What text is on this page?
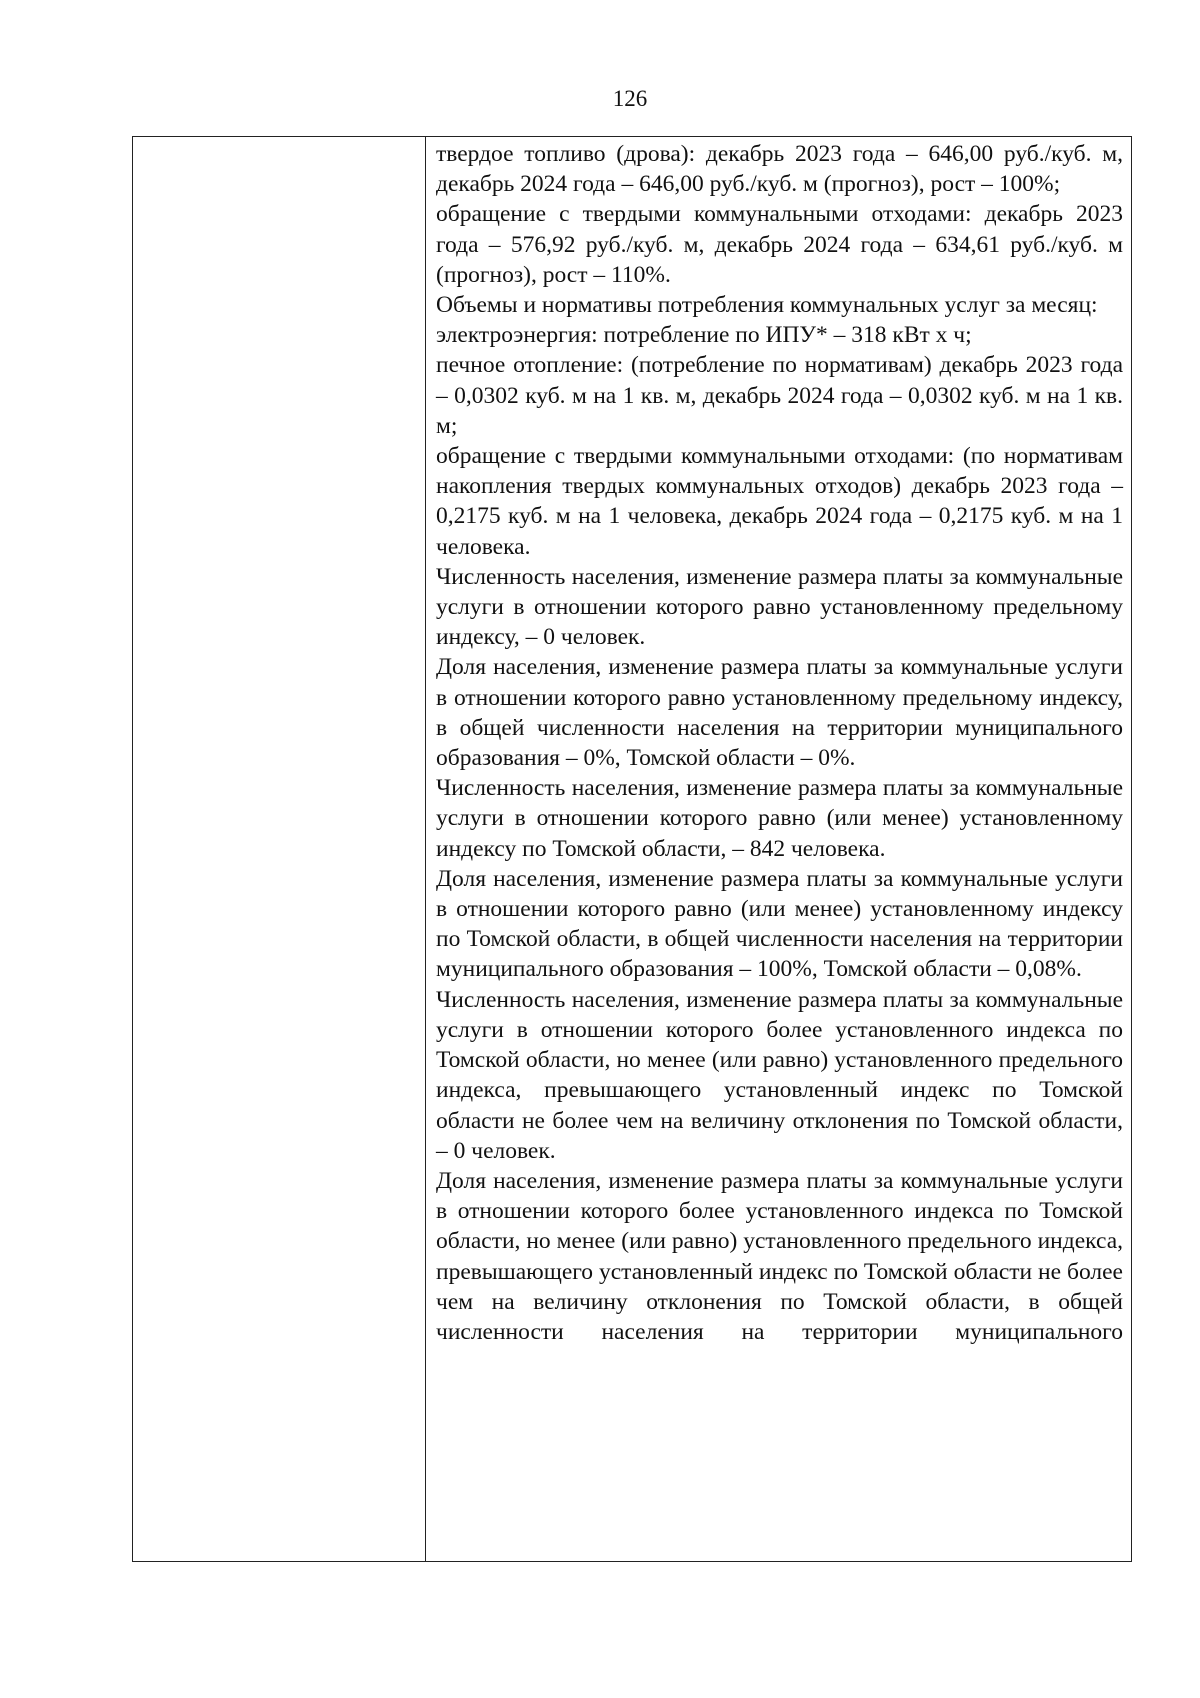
126

твердое топливо (дрова): декабрь 2023 года – 646,00 руб./куб. м, декабрь 2024 года – 646,00 руб./куб. м (прогноз), рост – 100%;

обращение с твердыми коммунальными отходами: декабрь 2023 года – 576,92 руб./куб. м, декабрь 2024 года – 634,61 руб./куб. м (прогноз), рост – 110%.

Объемы и нормативы потребления коммунальных услуг за месяц:

электроэнергия: потребление по ИПУ* – 318 кВт х ч;

печное отопление: (потребление по нормативам) декабрь 2023 года – 0,0302 куб. м на 1 кв. м, декабрь 2024 года – 0,0302 куб. м на 1 кв. м;

обращение с твердыми коммунальными отходами: (по нормативам накопления твердых коммунальных отходов) декабрь 2023 года – 0,2175 куб. м на 1 человека, декабрь 2024 года – 0,2175 куб. м на 1 человека.

Численность населения, изменение размера платы за коммунальные услуги в отношении которого равно установленному предельному индексу, – 0 человек.

Доля населения, изменение размера платы за коммунальные услуги в отношении которого равно установленному предельному индексу, в общей численности населения на территории муниципального образования – 0%, Томской области – 0%.

Численность населения, изменение размера платы за коммунальные услуги в отношении которого равно (или менее) установленному индексу по Томской области, – 842 человека.

Доля населения, изменение размера платы за коммунальные услуги в отношении которого равно (или менее) установленному индексу по Томской области, в общей численности населения на территории муниципального образования – 100%, Томской области – 0,08%.

Численность населения, изменение размера платы за коммунальные услуги в отношении которого более установленного индекса по Томской области, но менее (или равно) установленного предельного индекса, превышающего установленный индекс по Томской области не более чем на величину отклонения по Томской области, – 0 человек.

Доля населения, изменение размера платы за коммунальные услуги в отношении которого более установленного индекса по Томской области, но менее (или равно) установленного предельного индекса, превышающего установленный индекс по Томской области не более чем на величину отклонения по Томской области, в общей численности населения на территории муниципального
